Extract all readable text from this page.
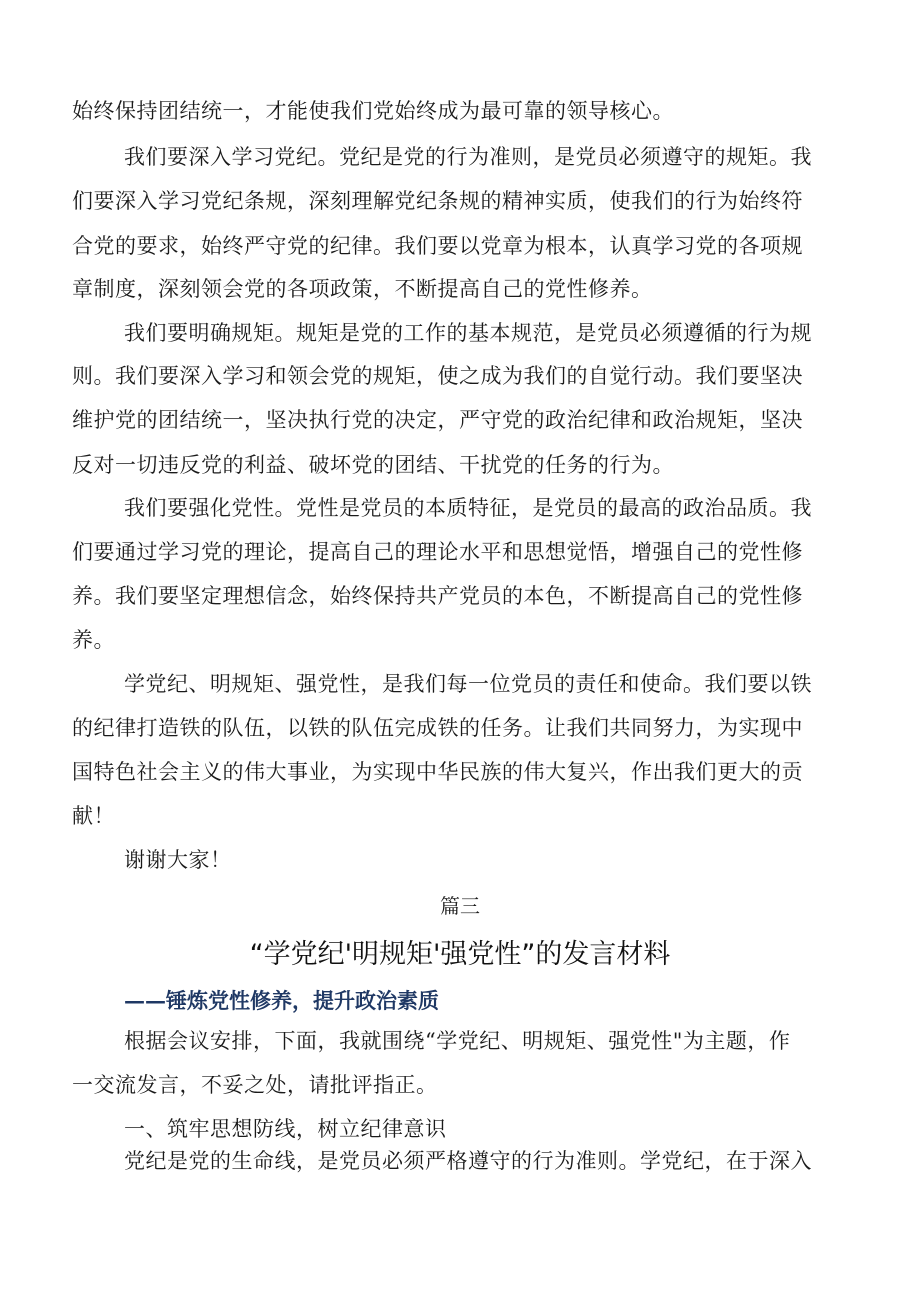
始终保持团结统一，才能使我们党始终成为最可靠的领导核心。
我们要深入学习党纪。党纪是党的行为准则，是党员必须遵守的规矩。我
们要深入学习党纪条规，深刻理解党纪条规的精神实质，使我们的行为始终符
合党的要求，始终严守党的纪律。我们要以党章为根本，认真学习党的各项规
章制度，深刻领会党的各项政策，不断提高自己的党性修养。
我们要明确规矩。规矩是党的工作的基本规范，是党员必须遵循的行为规
则。我们要深入学习和领会党的规矩，使之成为我们的自觉行动。我们要坚决
维护党的团结统一，坚决执行党的决定，严守党的政治纪律和政治规矩，坚决
反对一切违反党的利益、破坏党的团结、干扰党的任务的行为。
我们要强化党性。党性是党员的本质特征，是党员的最高的政治品质。我
们要通过学习党的理论，提高自己的理论水平和思想觉悟，增强自己的党性修
养。我们要坚定理想信念，始终保持共产党员的本色，不断提高自己的党性修
养。
学党纪、明规矩、强党性，是我们每一位党员的责任和使命。我们要以铁
的纪律打造铁的队伍，以铁的队伍完成铁的任务。让我们共同努力，为实现中
国特色社会主义的伟大事业，为实现中华民族的伟大复兴，作出我们更大的贡
献！
谢谢大家！
篇三
“学党纪'明规矩'强党性”的发言材料
——锤炼党性修养，提升政治素质
根据会议安排，下面，我就围绕“学党纪、明规矩、强党性"为主题，作
一交流发言，不妥之处，请批评指正。
一、筑牢思想防线，树立纪律意识
党纪是党的生命线，是党员必须严格遵守的行为准则。学党纪，在于深入
